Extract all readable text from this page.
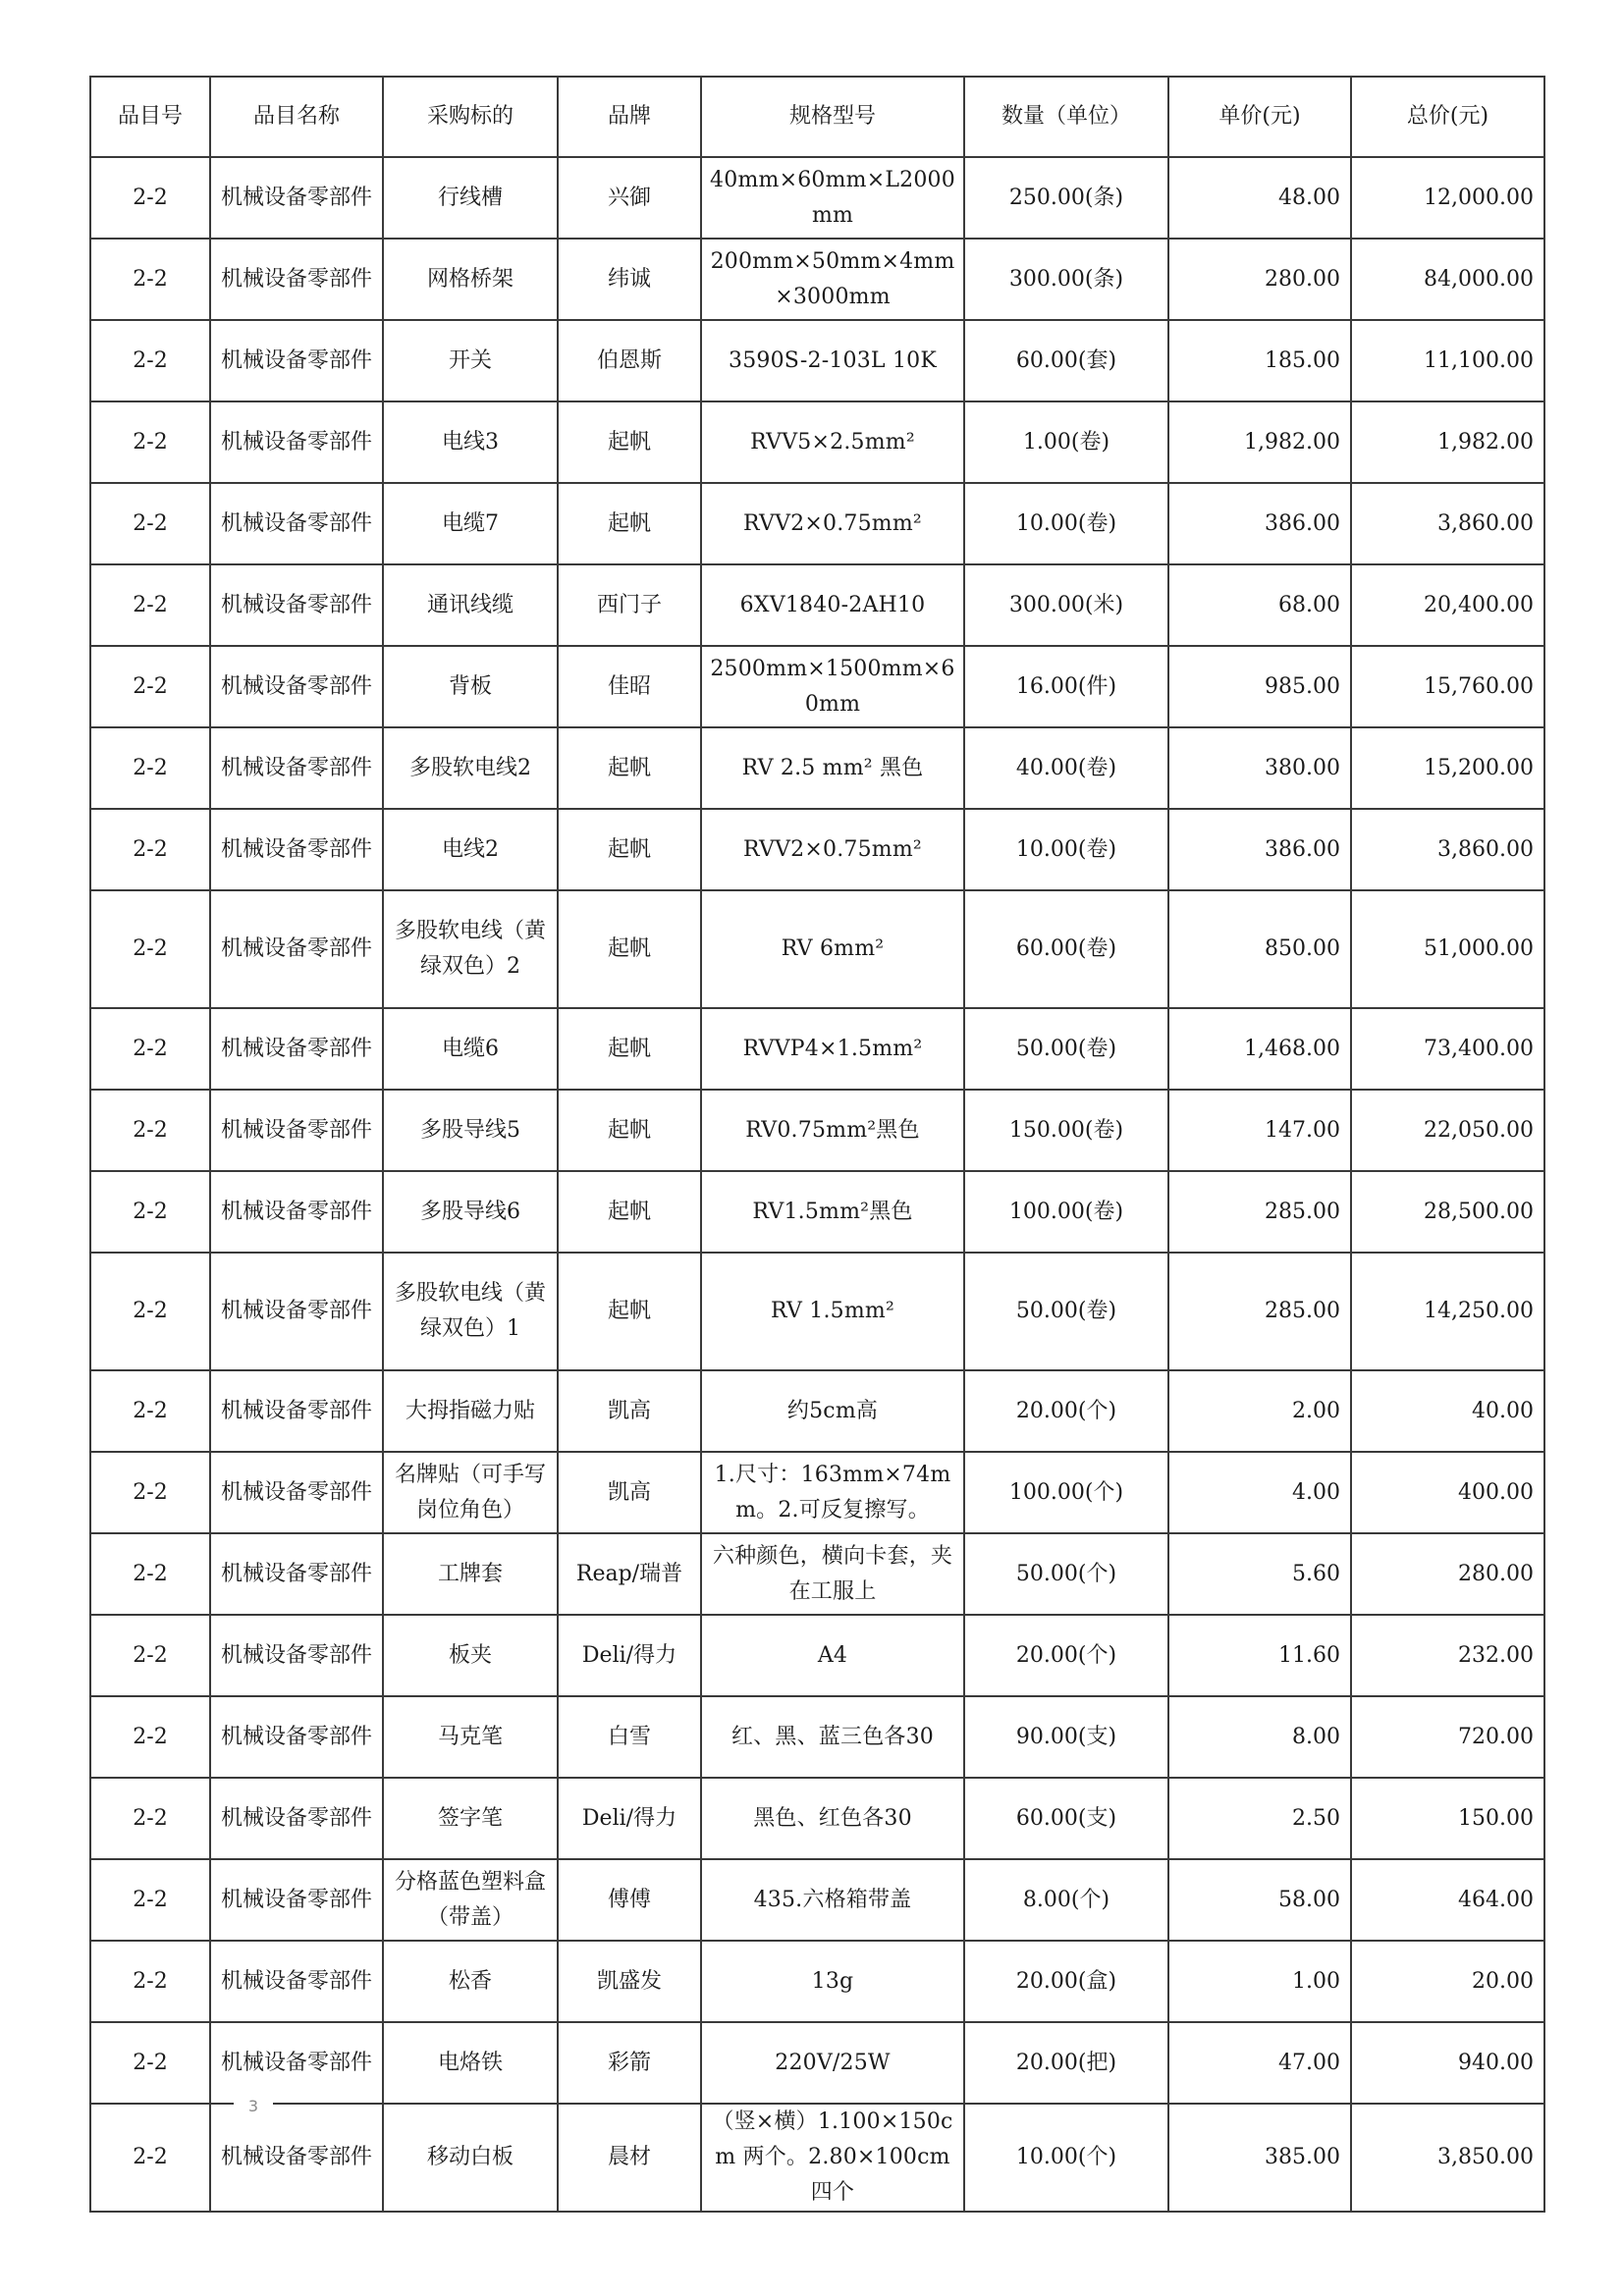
品目号	品目名称	采购标的	品牌	规格型号	数量（单位）	单价(元)	总价(元)
2-2	机械设备零部件	行线槽	兴御	40mm×60mm×L2000mm	250.00(条)	48.00	12,000.00
2-2	机械设备零部件	网格桥架	纬诚	200mm×50mm×4mm×3000mm	300.00(条)	280.00	84,000.00
2-2	机械设备零部件	开关	伯恩斯	3590S-2-103L 10K	60.00(套)	185.00	11,100.00
2-2	机械设备零部件	电线3	起帆	RVV5×2.5mm²	1.00(卷)	1,982.00	1,982.00
2-2	机械设备零部件	电缆7	起帆	RVV2×0.75mm²	10.00(卷)	386.00	3,860.00
2-2	机械设备零部件	通讯线缆	西门子	6XV1840-2AH10	300.00(米)	68.00	20,400.00
2-2	机械设备零部件	背板	佳昭	2500mm×1500mm×60mm	16.00(件)	985.00	15,760.00
2-2	机械设备零部件	多股软电线2	起帆	RV 2.5 mm² 黑色	40.00(卷)	380.00	15,200.00
2-2	机械设备零部件	电线2	起帆	RVV2×0.75mm²	10.00(卷)	386.00	3,860.00
2-2	机械设备零部件	多股软电线（黄绿双色）2	起帆	RV 6mm²	60.00(卷)	850.00	51,000.00
2-2	机械设备零部件	电缆6	起帆	RVVP4×1.5mm²	50.00(卷)	1,468.00	73,400.00
2-2	机械设备零部件	多股导线5	起帆	RV0.75mm²黑色	150.00(卷)	147.00	22,050.00
2-2	机械设备零部件	多股导线6	起帆	RV1.5mm²黑色	100.00(卷)	285.00	28,500.00
2-2	机械设备零部件	多股软电线（黄绿双色）1	起帆	RV 1.5mm²	50.00(卷)	285.00	14,250.00
2-2	机械设备零部件	大拇指磁力贴	凯高	约5cm高	20.00(个)	2.00	40.00
2-2	机械设备零部件	名牌贴（可手写岗位角色）	凯高	1.尺寸：163mm×74mm。2.可反复擦写。	100.00(个)	4.00	400.00
2-2	机械设备零部件	工牌套	Reap/瑞普	六种颜色，横向卡套，夹在工服上	50.00(个)	5.60	280.00
2-2	机械设备零部件	板夹	Deli/得力	A4	20.00(个)	11.60	232.00
2-2	机械设备零部件	马克笔	白雪	红、黑、蓝三色各30	90.00(支)	8.00	720.00
2-2	机械设备零部件	签字笔	Deli/得力	黑色、红色各30	60.00(支)	2.50	150.00
2-2	机械设备零部件	分格蓝色塑料盒（带盖）	傅傅	435.六格箱带盖	8.00(个)	58.00	464.00
2-2	机械设备零部件	松香	凯盛发	13g	20.00(盒)	1.00	20.00
2-2	机械设备零部件	电烙铁	彩箭	220V/25W	20.00(把)	47.00	940.00
2-2	机械设备零部件	移动白板	晨材	（竖×横）1.100×150cm 两个。2.80×100cm 四个	10.00(个)	385.00	3,850.00
3
